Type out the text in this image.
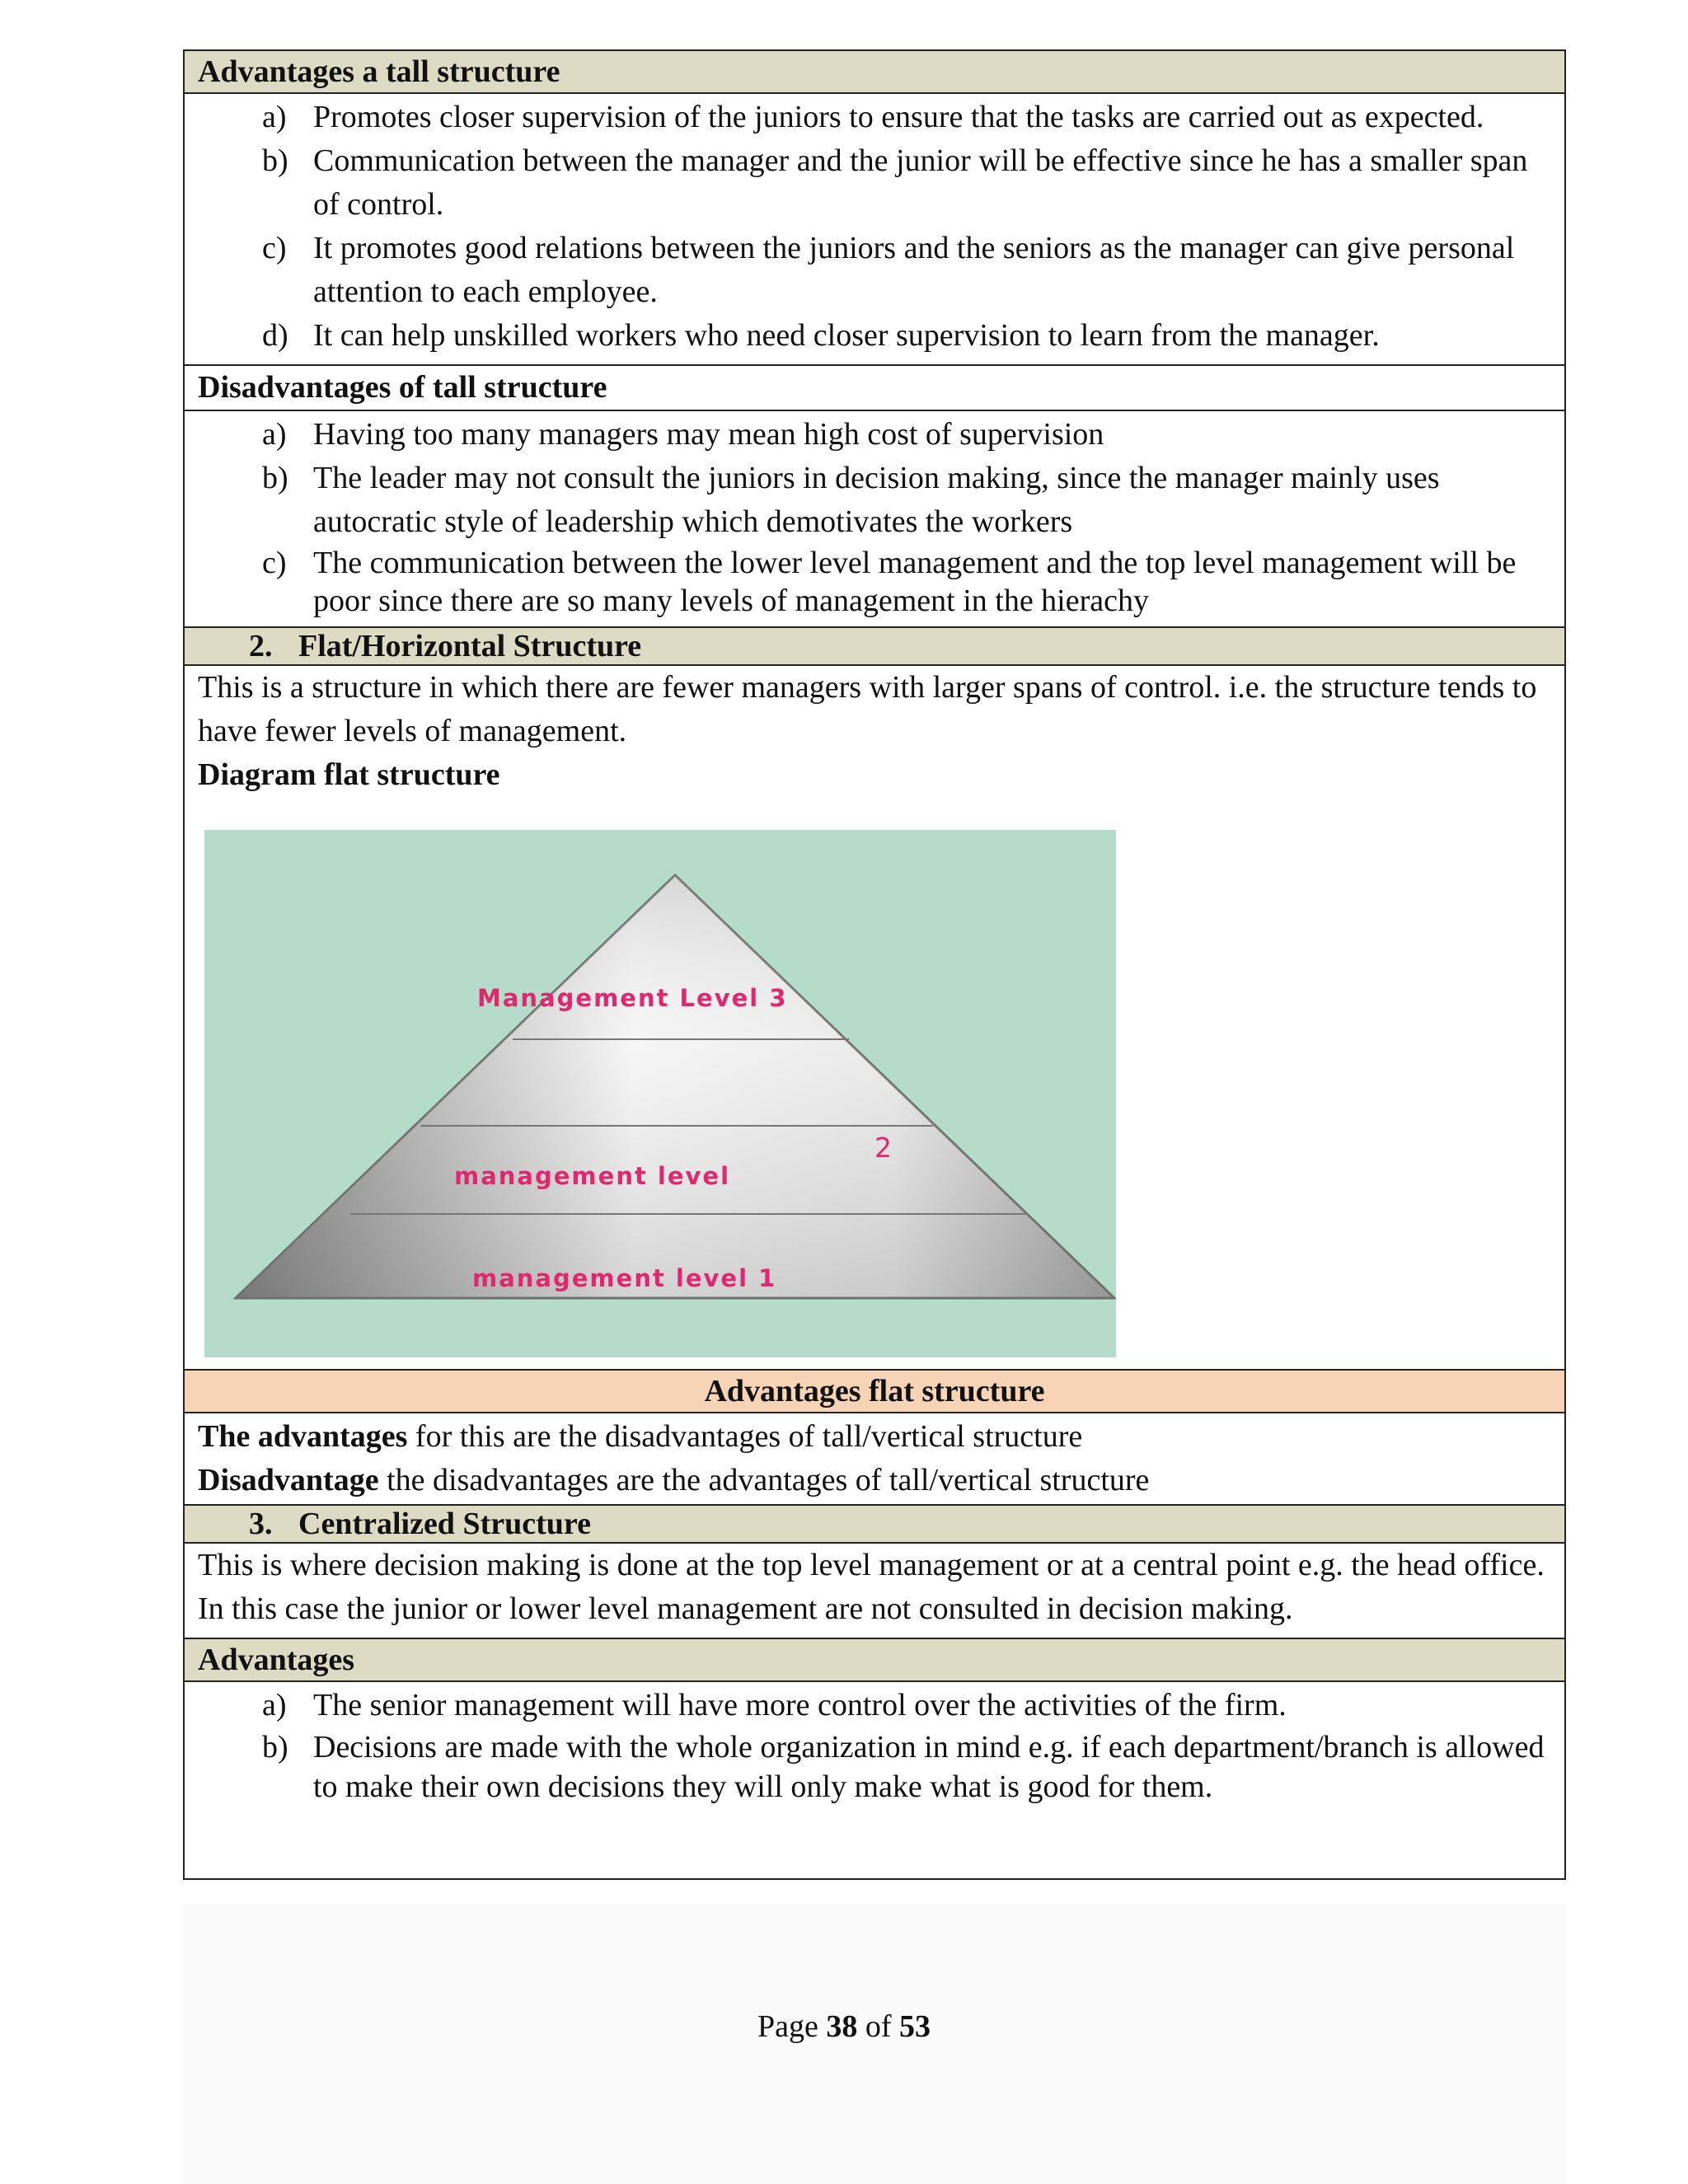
Advantages a tall structure
a) Promotes closer supervision of the juniors to ensure that the tasks are carried out as expected.
b) Communication between the manager and the junior will be effective since he has a smaller span of control.
c) It promotes good relations between the juniors and the seniors as the manager can give personal attention to each employee.
d) It can help unskilled workers who need closer supervision to learn from the manager.
Disadvantages of tall structure
a) Having too many managers may mean high cost of supervision
b) The leader may not consult the juniors in decision making, since the manager mainly uses autocratic style of leadership which demotivates the workers
c) The communication between the lower level management and the top level management will be poor since there are so many levels of management in the hierachy
2. Flat/Horizontal Structure
This is a structure in which there are fewer managers with larger spans of control. i.e. the structure tends to have fewer levels of management.
Diagram flat structure
Management Level 3
2
management level
management level 1
Advantages flat structure
The advantages for this are the disadvantages of tall/vertical structure
Disadvantage the disadvantages are the advantages of tall/vertical structure
3. Centralized Structure
This is where decision making is done at the top level management or at a central point e.g. the head office. In this case the junior or lower level management are not consulted in decision making.
Advantages
a) The senior management will have more control over the activities of the firm.
b) Decisions are made with the whole organization in mind e.g. if each department/branch is allowed to make their own decisions they will only make what is good for them.
Page 38 of 53
